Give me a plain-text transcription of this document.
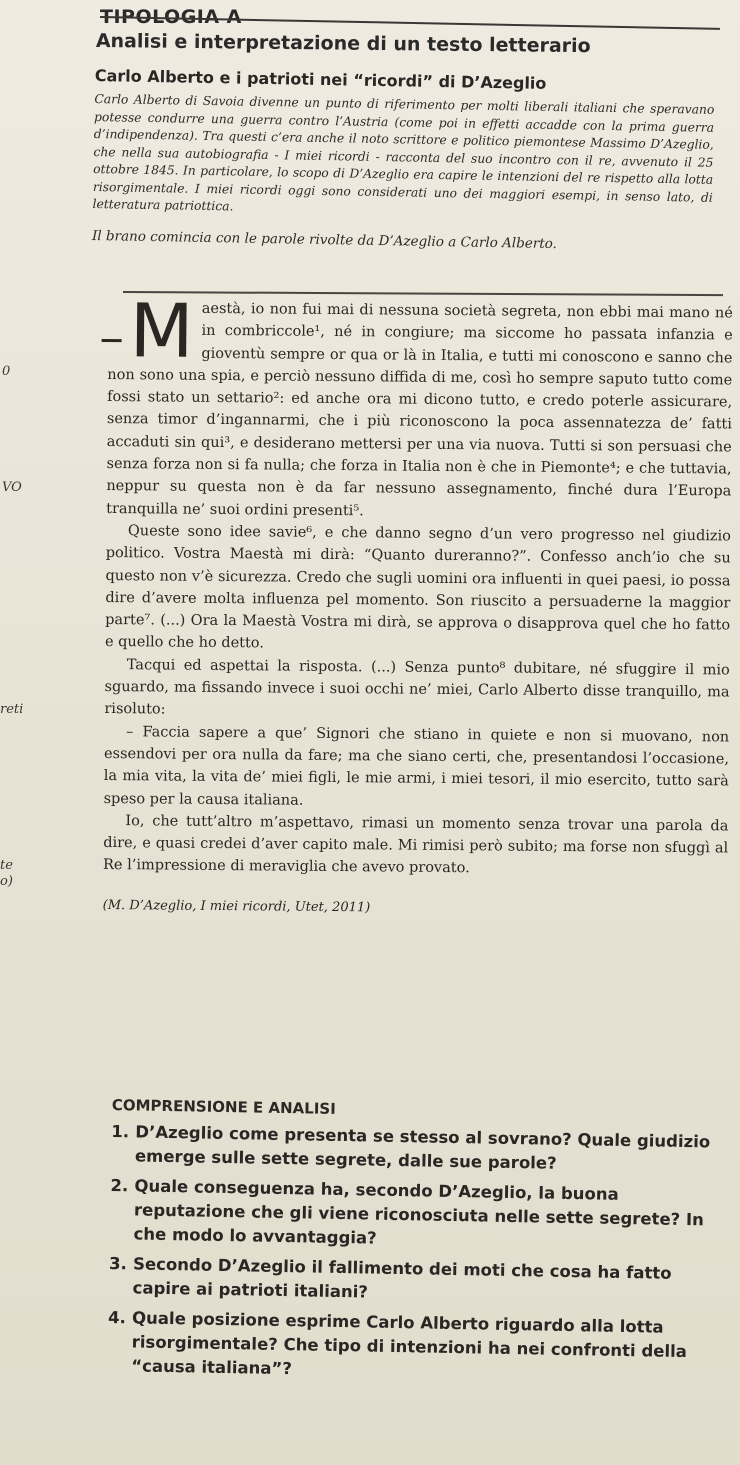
TIPOLOGIA A
Analisi e interpretazione di un testo letterario
Carlo Alberto e i patrioti nei “ricordi” di D’Azeglio

Carlo Alberto di Savoia divenne un punto di riferimento per molti liberali italiani che speravano potesse condurre una guerra contro l’Austria (come poi in effetti accadde con la prima guerra d’indipendenza). Tra questi c’era anche il noto scrittore e politico piemontese Massimo D’Azeglio, che nella sua autobiografia - I miei ricordi - racconta del suo incontro con il re, avvenuto il 25 ottobre 1845. In particolare, lo scopo di D’Azeglio era capire le intenzioni del re rispetto alla lotta risorgimentale. I miei ricordi oggi sono considerati uno dei maggiori esempi, in senso lato, di letteratura patriottica.

Il brano comincia con le parole rivolte da D’Azeglio a Carlo Alberto.

M aestà, io non fui mai di nessuna società segreta, non ebbi mai mano né in combriccole¹, né in congiure; ma siccome ho passata infanzia e gioventù sempre or qua or là in Italia, e tutti mi conoscono e sanno che non sono una spia, e perciò nessuno diffida di me, così ho sempre saputo tutto come fossi stato un settario²: ed anche ora mi dicono tutto, e credo poterle assicurare, senza timor d’ingannarmi, che i più riconoscono la poca assennatezza de’ fatti accaduti sin qui³, e desiderano mettersi per una via nuova. Tutti si son persuasi che senza forza non si fa nulla; che forza in Italia non è che in Piemonte⁴; e che tuttavia, neppur su questa non è da far nessuno assegnamento, finché dura l’Europa tranquilla ne’ suoi ordini presenti⁵.

Queste sono idee savie⁶, e che danno segno d’un vero progresso nel giudizio politico. Vostra Maestà mi dirà: “Quanto dureranno?”. Confesso anch’io che su questo non v’è sicurezza. Credo che sugli uomini ora influenti in quei paesi, io possa dire d’avere molta influenza pel momento. Son riuscito a persuaderne la maggior parte⁷. (...) Ora la Maestà Vostra mi dirà, se approva o disapprova quel che ho fatto e quello che ho detto.

Tacqui ed aspettai la risposta. (...) Senza punto⁸ dubitare, né sfuggire il mio sguardo, ma fissando invece i suoi occhi ne’ miei, Carlo Alberto disse tranquillo, ma risoluto:

– Faccia sapere a que’ Signori che stiano in quiete e non si muovano, non essendovi per ora nulla da fare; ma che siano certi, che, presentandosi l’occasione, la mia vita, la vita de’ miei figli, le mie armi, i miei tesori, il mio esercito, tutto sarà speso per la causa italiana.

Io, che tutt’altro m’aspettavo, rimasi un momento senza trovar una parola da dire, e quasi credei d’aver capito male. Mi rimisi però subito; ma forse non sfuggì al Re l’impressione di meraviglia che avevo provato.

(M. D’Azeglio, I miei ricordi, Utet, 2011)

0
VO
reti
te
o)
COMPRENSIONE E ANALISI
1. D’Azeglio come presenta se stesso al sovrano? Quale giudizio emerge sulle sette segrete, dalle sue parole?
2. Quale conseguenza ha, secondo D’Azeglio, la buona reputazione che gli viene riconosciuta nelle sette segrete? In che modo lo avvantaggia?
3. Secondo D’Azeglio il fallimento dei moti che cosa ha fatto capire ai patrioti italiani?
4. Quale posizione esprime Carlo Alberto riguardo alla lotta risorgimentale? Che tipo di intenzioni ha nei confronti della “causa italiana”?
